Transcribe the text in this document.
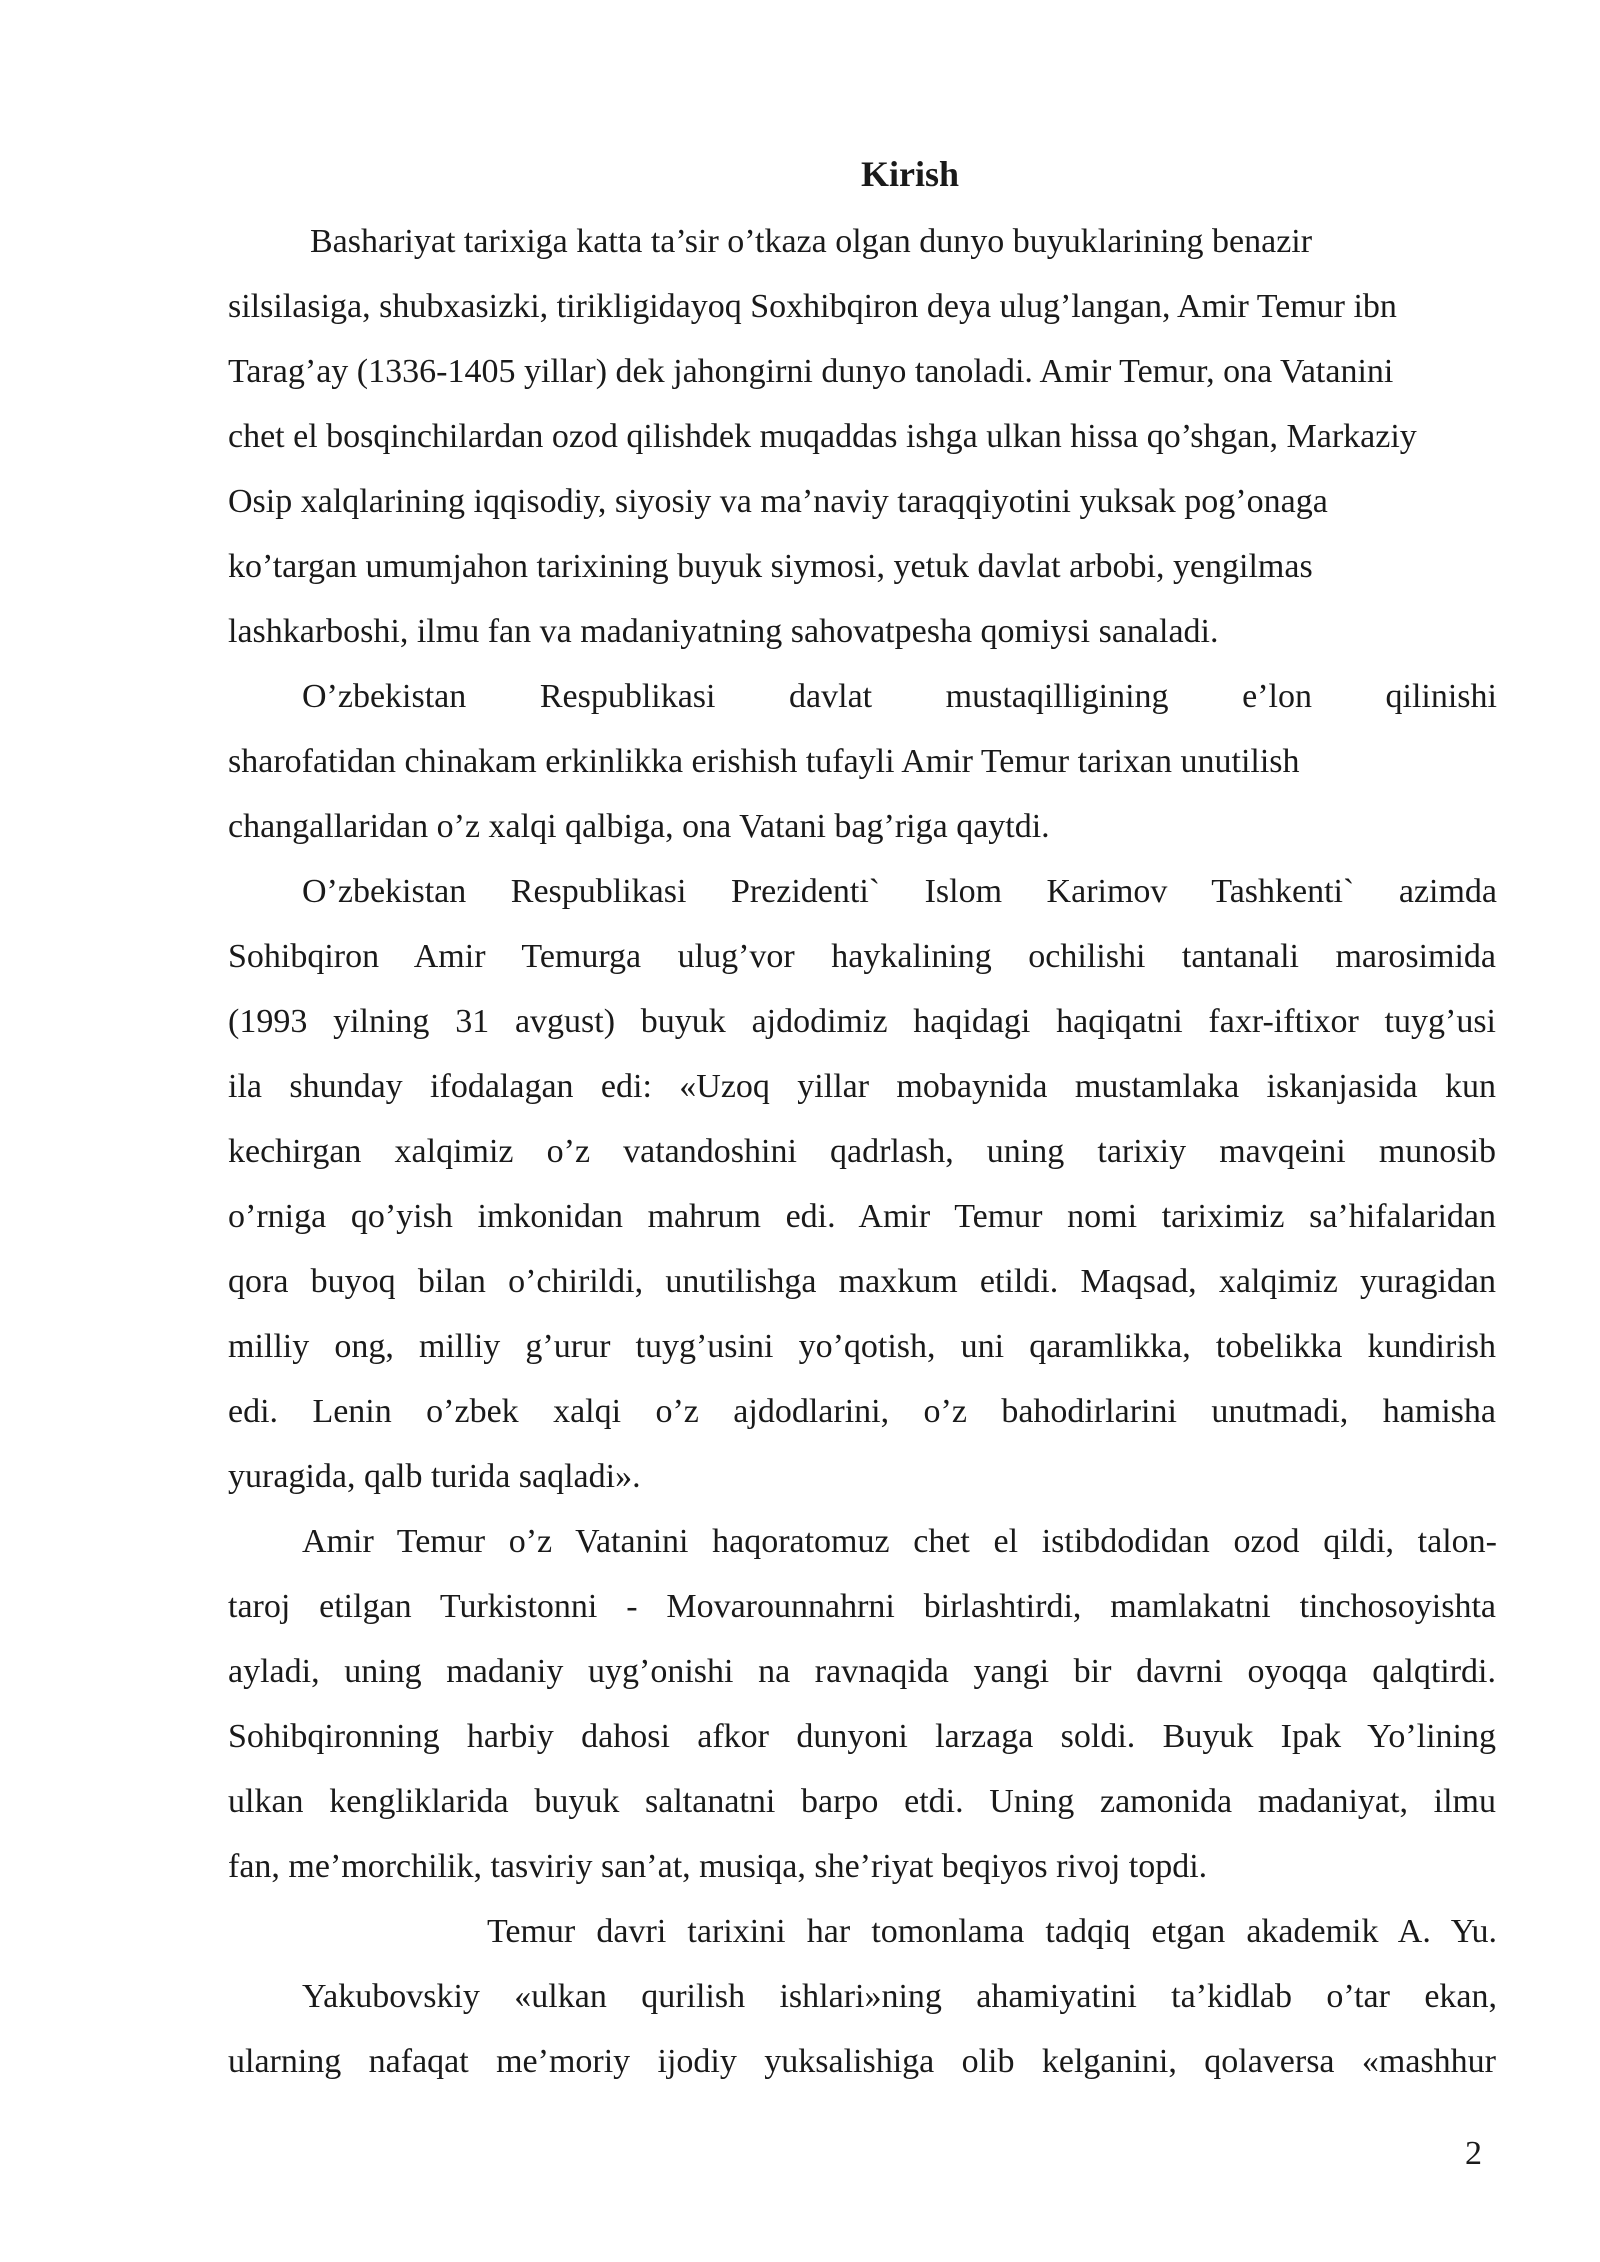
Kirish
Bashariyat tarixiga katta ta’sir o’tkaza olgan dunyo buyuklarining benazir
silsilasiga, shubxasizki, tirikligidayoq Soxhibqiron deya ulug’langan, Amir Temur ibn
Tarag’ay (1336-1405 yillar) dek jahongirni dunyo tanoladi. Amir Temur, ona Vatanini
chet el bosqinchilardan ozod qilishdek muqaddas ishga ulkan hissa qo’shgan, Markaziy
Osip xalqlarining iqqisodiy, siyosiy va ma’naviy taraqqiyotini yuksak pog’onaga
ko’targan umumjahon tarixining buyuk siymosi, yetuk davlat arbobi, yengilmas
lashkarboshi, ilmu fan va madaniyatning sahovatpesha qomiysi sanaladi.
O’zbekistan Respublikasi davlat mustaqilligining e’lon qilinishi
sharofatidan chinakam erkinlikka erishish tufayli Amir Temur tarixan unutilish
changallaridan o’z xalqi qalbiga, ona Vatani bag’riga qaytdi.
O’zbekistan Respublikasi Prezidenti` Islom Karimov Tashkenti` azimda
Sohibqiron Amir Temurga ulug’vor haykalining ochilishi tantanali marosimida
(1993 yilning 31 avgust) buyuk ajdodimiz haqidagi haqiqatni faxr-iftixor tuyg’usi
ila shunday ifodalagan edi: «Uzoq yillar mobaynida mustamlaka iskanjasida kun
kechirgan xalqimiz o’z vatandoshini qadrlash, uning tarixiy mavqeini munosib
o’rniga qo’yish imkonidan mahrum edi. Amir Temur nomi tariximiz sa’hifalaridan
qora buyoq bilan o’chirildi, unutilishga maxkum etildi. Maqsad, xalqimiz yuragidan
milliy ong, milliy g’urur tuyg’usini yo’qotish, uni qaramlikka, tobelikka kundirish
edi. Lenin o’zbek xalqi o’z ajdodlarini, o’z bahodirlarini unutmadi, hamisha
yuragida, qalb turida saqladi».
Amir Temur o’z Vatanini haqoratomuz chet el istibdodidan ozod qildi, talon-
taroj etilgan Turkistonni - Movarounnahrni birlashtirdi, mamlakatni tinchosoyishta
ayladi, uning madaniy uyg’onishi na ravnaqida yangi bir davrni oyoqqa qalqtirdi.
Sohibqironning harbiy dahosi afkor dunyoni larzaga soldi. Buyuk Ipak Yo’lining
ulkan kengliklarida buyuk saltanatni barpo etdi. Uning zamonida madaniyat, ilmu
fan, me’morchilik, tasviriy san’at, musiqa, she’riyat beqiyos rivoj topdi.
Temur davri tarixini har tomonlama tadqiq etgan akademik A. Yu.
Yakubovskiy «ulkan qurilish ishlari»ning ahamiyatini ta’kidlab o’tar ekan,
ularning nafaqat me’moriy ijodiy yuksalishiga olib kelganini, qolaversa «mashhur
2
